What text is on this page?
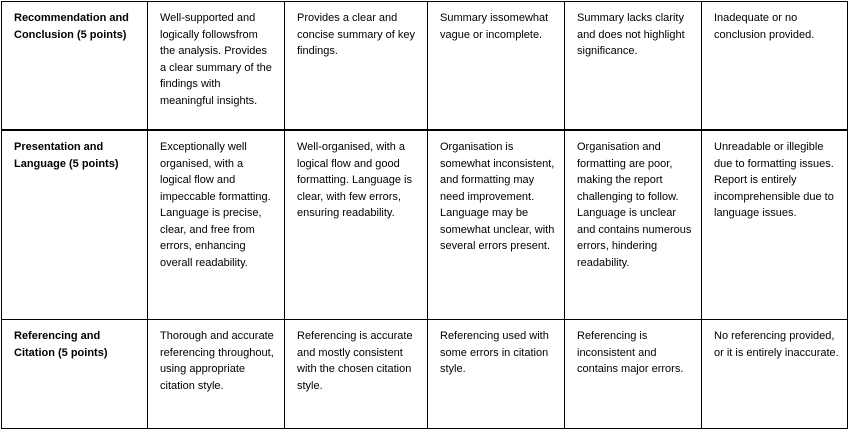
Recommendation and Conclusion (5 points)	Well-supported and logically followsfrom the analysis. Provides a clear summary of the findings with meaningful insights.	Provides a clear and concise summary of key findings.	Summary issomewhat vague or incomplete.	Summary lacks clarity and does not highlight significance.	Inadequate or no conclusion provided.
Presentation and Language (5 points)	Exceptionally well organised, with a logical flow and impeccable formatting. Language is precise, clear, and free from errors, enhancing overall readability.	Well-organised, with a logical flow and good formatting. Language is clear, with few errors, ensuring readability.	Organisation is somewhat inconsistent, and formatting may need improvement. Language may be somewhat unclear, with several errors present.	Organisation and formatting are poor, making the report challenging to follow. Language is unclear and contains numerous errors, hindering readability.	Unreadable or illegible due to formatting issues. Report is entirely incomprehensible due to language issues.
Referencing and Citation (5 points)	Thorough and accurate referencing throughout, using appropriate citation style.	Referencing is accurate and mostly consistent with the chosen citation style.	Referencing used with some errors in citation style.	Referencing is inconsistent and contains major errors.	No referencing provided, or it is entirely inaccurate.
